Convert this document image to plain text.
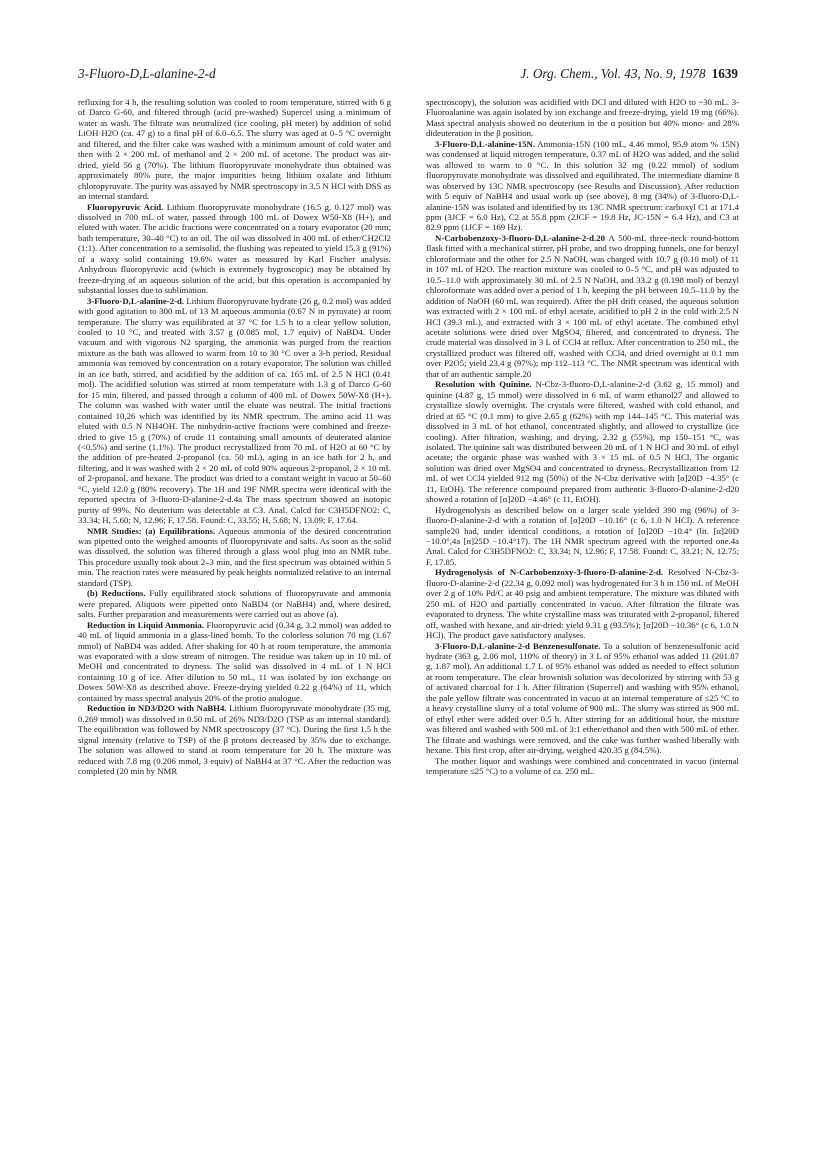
3-Fluoro-D,L-alanine-2-d	J. Org. Chem., Vol. 43, No. 9, 1978 1639

refluxing for 4 h, the resulting solution was cooled to room temperature, stirred with 6 g of Darco G-60, and filtered through (acid pre-washed) Supercel using a minimum of water as wash. The filtrate was neutralized (ice cooling, pH meter) by addition of solid LiOH·H2O (ca. 47 g) to a final pH of 6.0–6.5. The slurry was aged at 0–5 °C overnight and filtered, and the filter cake was washed with a minimum amount of cold water and then with 2 × 200 mL of methanol and 2 × 200 mL of acetone. The product was air-dried, yield 56 g (70%). The lithium fluoropyruvate monohydrate thus obtained was approximately 80% pure, the major impurities being lithium oxalate and lithium chloropyruvate. The purity was assayed by NMR spectroscopy in 3.5 N HCl with DSS as an internal standard.

Fluoropyruvic Acid. Lithium fluoropyruvate monohydrate (16.5 g, 0.127 mol) was dissolved in 700 mL of water, passed through 100 mL of Dowex W50-X8 (H+), and eluted with water. The acidic fractions were concentrated on a rotary evaporator (20 mm; bath temperature, 30–40 °C) to an oil. The oil was dissolved in 400 mL of ether/CH2Cl2 (1:1). After concentration to a semisolid, the flushing was repeated to yield 15.3 g (91%) of a waxy solid containing 19.6% water as measured by Karl Fischer analysis. Anhydrous fluoropyruvic acid (which is extremely hygroscopic) may be obtained by freeze-drying of an aqueous solution of the acid, but this operation is accompanied by substantial losses due to sublimation.

3-Fluoro-D,L-alanine-2-d. Lithium fluoropyruvate hydrate (26 g, 0.2 mol) was added with good agitation to 300 mL of 13 M aqueous ammonia (0.67 N in pyruvate) at room temperature. The slurry was equilibrated at 37 °C for 1.5 h to a clear yellow solution, cooled to 10 °C, and treated with 3.57 g (0.085 mol, 1.7 equiv) of NaBD4. Under vacuum and with vigorous N2 sparging, the ammonia was purged from the reaction mixture as the bath was allowed to warm from 10 to 30 °C over a 3-h period. Residual ammonia was removed by concentration on a rotary evaporator. The solution was chilled in an ice bath, stirred, and acidified by the addition of ca. 165 mL of 2.5 N HCl (0.41 mol). The acidified solution was stirred at room temperature with 1.3 g of Darco G-60 for 15 min, filtered, and passed through a column of 400 mL of Dowex 50W-X8 (H+). The column was washed with water until the eluate was neutral. The initial fractions contained 10,26 which was identified by its NMR spectrum. The amino acid 11 was eluted with 0.5 N NH4OH. The ninhydrin-active fractions were combined and freeze-dried to give 15 g (70%) of crude 11 containing small amounts of deuterated alanine (<0.5%) and serine (1.1%). The product recrystallized from 70 mL of H2O at 60 °C by the addition of pre-heated 2-propanol (ca. 50 mL), aging in an ice bath for 2 h, and filtering, and it was washed with 2 × 20 mL of cold 90% aqueous 2-propanol, 2 × 10 mL of 2-propanol, and hexane. The product was dried to a constant weight in vacuo at 50–60 °C, yield 12.0 g (80% recovery). The 1H and 19F NMR spectra were identical with the reported spectra of 3-fluoro-D-alanine-2-d.4a The mass spectrum showed an isotopic purity of 99%. No deuterium was detectable at C3. Anal. Calcd for C3H5DFNO2: C, 33.34; H, 5.60; N, 12.96; F, 17.58. Found: C, 33.55; H, 5.68; N, 13.09; F, 17.64.

NMR Studies: (a) Equilibrations. Aqueous ammonia of the desired concentration was pipetted onto the weighed amounts of fluoropyruvate and salts. As soon as the solid was dissolved, the solution was filtered through a glass wool plug into an NMR tube. This procedure usually took about 2–3 min, and the first spectrum was obtained within 5 min. The reaction rates were measured by peak heights normalized relative to an internal standard (TSP).

(b) Reductions. Fully equilibrated stock solutions of fluoropyruvate and ammonia were prepared. Aliquots were pipetted onto NaBD4 (or NaBH4) and, where desired, salts. Further preparation and measurements were carried out as above (a).

Reduction in Liquid Ammonia. Fluoropyruvic acid (0.34 g, 3.2 mmol) was added to 40 mL of liquid ammonia in a glass-lined bomb. To the colorless solution 70 mg (1.67 mmol) of NaBD4 was added. After shaking for 40 h at room temperature, the ammonia was evaporated with a slow stream of nitrogen. The residue was taken up in 10 mL of MeOH and concentrated to dryness. The solid was dissolved in 4 mL of 1 N HCl containing 10 g of ice. After dilution to 50 mL, 11 was isolated by ion exchange on Dowex 50W-X8 as described above. Freeze-drying yielded 0.22 g (64%) of 11, which contained by mass spectral analysis 20% of the protio analogue.

Reduction in ND3/D2O with NaBH4. Lithium fluoropyruvate monohydrate (35 mg, 0.269 mmol) was dissolved in 0.50 mL of 26% ND3/D2O (TSP as an internal standard). The equilibration was followed by NMR spectroscopy (37 °C). During the first 1.5 h the signal intensity (relative to TSP) of the β protons decreased by 35% due to exchange. The solution was allowed to stand at room temperature for 20 h. The mixture was reduced with 7.8 mg (0.206 mmol, 3 equiv) of NaBH4 at 37 °C. After the reduction was completed (20 min by NMR

spectroscopy), the solution was acidified with DCl and diluted with H2O to ~30 mL. 3-Fluoroalanine was again isolated by ion exchange and freeze-drying, yield 19 mg (66%). Mass spectral analysis showed no deuterium in the α position but 40% mono- and 28% dideuteration in the β position.

3-Fluoro-D,L-alanine-15N. Ammonia-15N (100 mL, 4.46 mmol, 95.9 atom % 15N) was condensed at liquid nitrogen temperature, 0.37 mL of H2O was added, and the solid was allowed to warm to 0 °C. In this solution 32 mg (0.22 mmol) of sodium fluoropyruvate monohydrate was dissolved and equilibrated. The intermediate diamine 8 was observed by 13C NMR spectroscopy (see Results and Discussion). After reduction with 5 equiv of NaBH4 and usual work up (see above), 8 mg (34%) of 3-fluoro-D,L-alanine-15N was isolated and identified by its 13C NMR spectrum: carboxyl C1 at 171.4 ppm (3JCF = 6.0 Hz), C2 at 55.8 ppm (2JCF = 19.8 Hz, JC-15N = 6.4 Hz), and C3 at 82.9 ppm (1JCF = 169 Hz).

N-Carbobenzoxy-3-fluoro-D,L-alanine-2-d.20 A 500-mL three-neck round-bottom flask fitted with a mechanical stirrer, pH probe, and two dropping funnels, one for benzyl chloroformate and the other for 2.5 N NaOH, was charged with 10.7 g (0.10 mol) of 11 in 107 mL of H2O. The reaction mixture was cooled to 0–5 °C, and pH was adjusted to 10.5–11.0 with approximately 30 mL of 2.5 N NaOH, and 33.2 g (0.198 mol) of benzyl chloroformate was added over a period of 1 h, keeping the pH between 10.5–11.0 by the addition of NaOH (60 mL was required). After the pH drift ceased, the aqueous solution was extracted with 2 × 100 mL of ethyl acetate, acidified to pH 2 in the cold with 2.5 N HCl (39.3 mL), and extracted with 3 × 100 mL of ethyl acetate. The combined ethyl acetate solutions were dried over MgSO4, filtered, and concentrated to dryness. The crude material was dissolved in 3 L of CCl4 at reflux. After concentration to 250 mL, the crystallized product was filtered off, washed with CCl4, and dried overnight at 0.1 mm over P2O5; yield 23.4 g (97%); mp 112–113 °C. The NMR spectrum was identical with that of an authentic sample.20

Resolution with Quinine. N-Cbz-3-fluoro-D,L-alanine-2-d (3.62 g, 15 mmol) and quinine (4.87 g, 15 mmol) were dissolved in 6 mL of warm ethanol27 and allowed to crystallize slowly overnight. The crystals were filtered, washed with cold ethanol, and dried at 65 °C (0.1 mm) to give 2.65 g (62%) with mp 144–145 °C. This material was dissolved in 3 mL of hot ethanol, concentrated slightly, and allowed to crystallize (ice cooling). After filtration, washing, and drying, 2.32 g (55%), mp 150–151 °C, was isolated. The quinine salt was distributed between 20 mL of 1 N HCl and 30 mL of ethyl acetate; the organic phase was washed with 3 × 15 mL of 0.5 N HCl. The organic solution was dried over MgSO4 and concentrated to dryness. Recrystallization from 12 mL of wet CCl4 yielded 912 mg (50%) of the N-Cbz derivative with [α]20D −4.35° (c 11, EtOH). The reference compound prepared from authentic 3-fluoro-D-alanine-2-d20 showed a rotation of [α]20D −4.46° (c 11, EtOH).

Hydrogenolysis as described below on a larger scale yielded 390 mg (96%) of 3-fluoro-D-alanine-2-d with a rotation of [α]20D −10.16° (c 6, 1.0 N HCl). A reference sample20 had, under identical conditions, a rotation of [α]20D −10.4° (lit. [α]20D −10.0°,4a [α]25D −10.4°17). The 1H NMR spectrum agreed with the reported one.4a Anal. Calcd for C3H5DFNO2: C, 33.34; N, 12.96; F, 17.58. Found: C, 33.21; N, 12.75; F, 17.85.

Hydrogenolysis of N-Carbobenzoxy-3-fluoro-D-alanine-2-d. Resolved N-Cbz-3-fluoro-D-alanine-2-d (22.34 g, 0.092 mol) was hydrogenated for 3 h in 150 mL of MeOH over 2 g of 10% Pd/C at 40 psig and ambient temperature. The mixture was diluted with 250 mL of H2O and partially concentrated in vacuo. After filtration the filtrate was evaporated to dryness. The white crystalline mass was triturated with 2-propanol, filtered off, washed with hexane, and air-dried: yield 9.31 g (93.5%); [α]20D −10.36° (c 6, 1.0 N HCl). The product gave satisfactory analyses.

3-Fluoro-D,L-alanine-2-d Benzenesulfonate. To a solution of benzenesulfonic acid hydrate (363 g, 2.06 mol, 110% of theory) in 3 L of 95% ethanol was added 11 (201.87 g, 1.87 mol). An additional 1.7 L of 95% ethanol was added as needed to effect solution at room temperature. The clear brownish solution was decolorized by stirring with 53 g of activated charcoal for 1 h. After filtration (Supercel) and washing with 95% ethanol, the pale yellow filtrate was concentrated in vacuo at an internal temperature of ≤25 °C to a heavy crystalline slurry of a total volume of 900 mL. The slurry was stirred as 900 mL of ethyl ether were added over 0.5 h. After stirring for an additional hour, the mixture was filtered and washed with 500 mL of 3:1 ether/ethanol and then with 500 mL of ether. The filtrate and washings were removed, and the cake was further washed liberally with hexane. This first crop, after air-drying, weighed 420.35 g (84.5%).

The mother liquor and washings were combined and concentrated in vacuo (internal temperature ≤25 °C) to a volume of ca. 250 mL.
